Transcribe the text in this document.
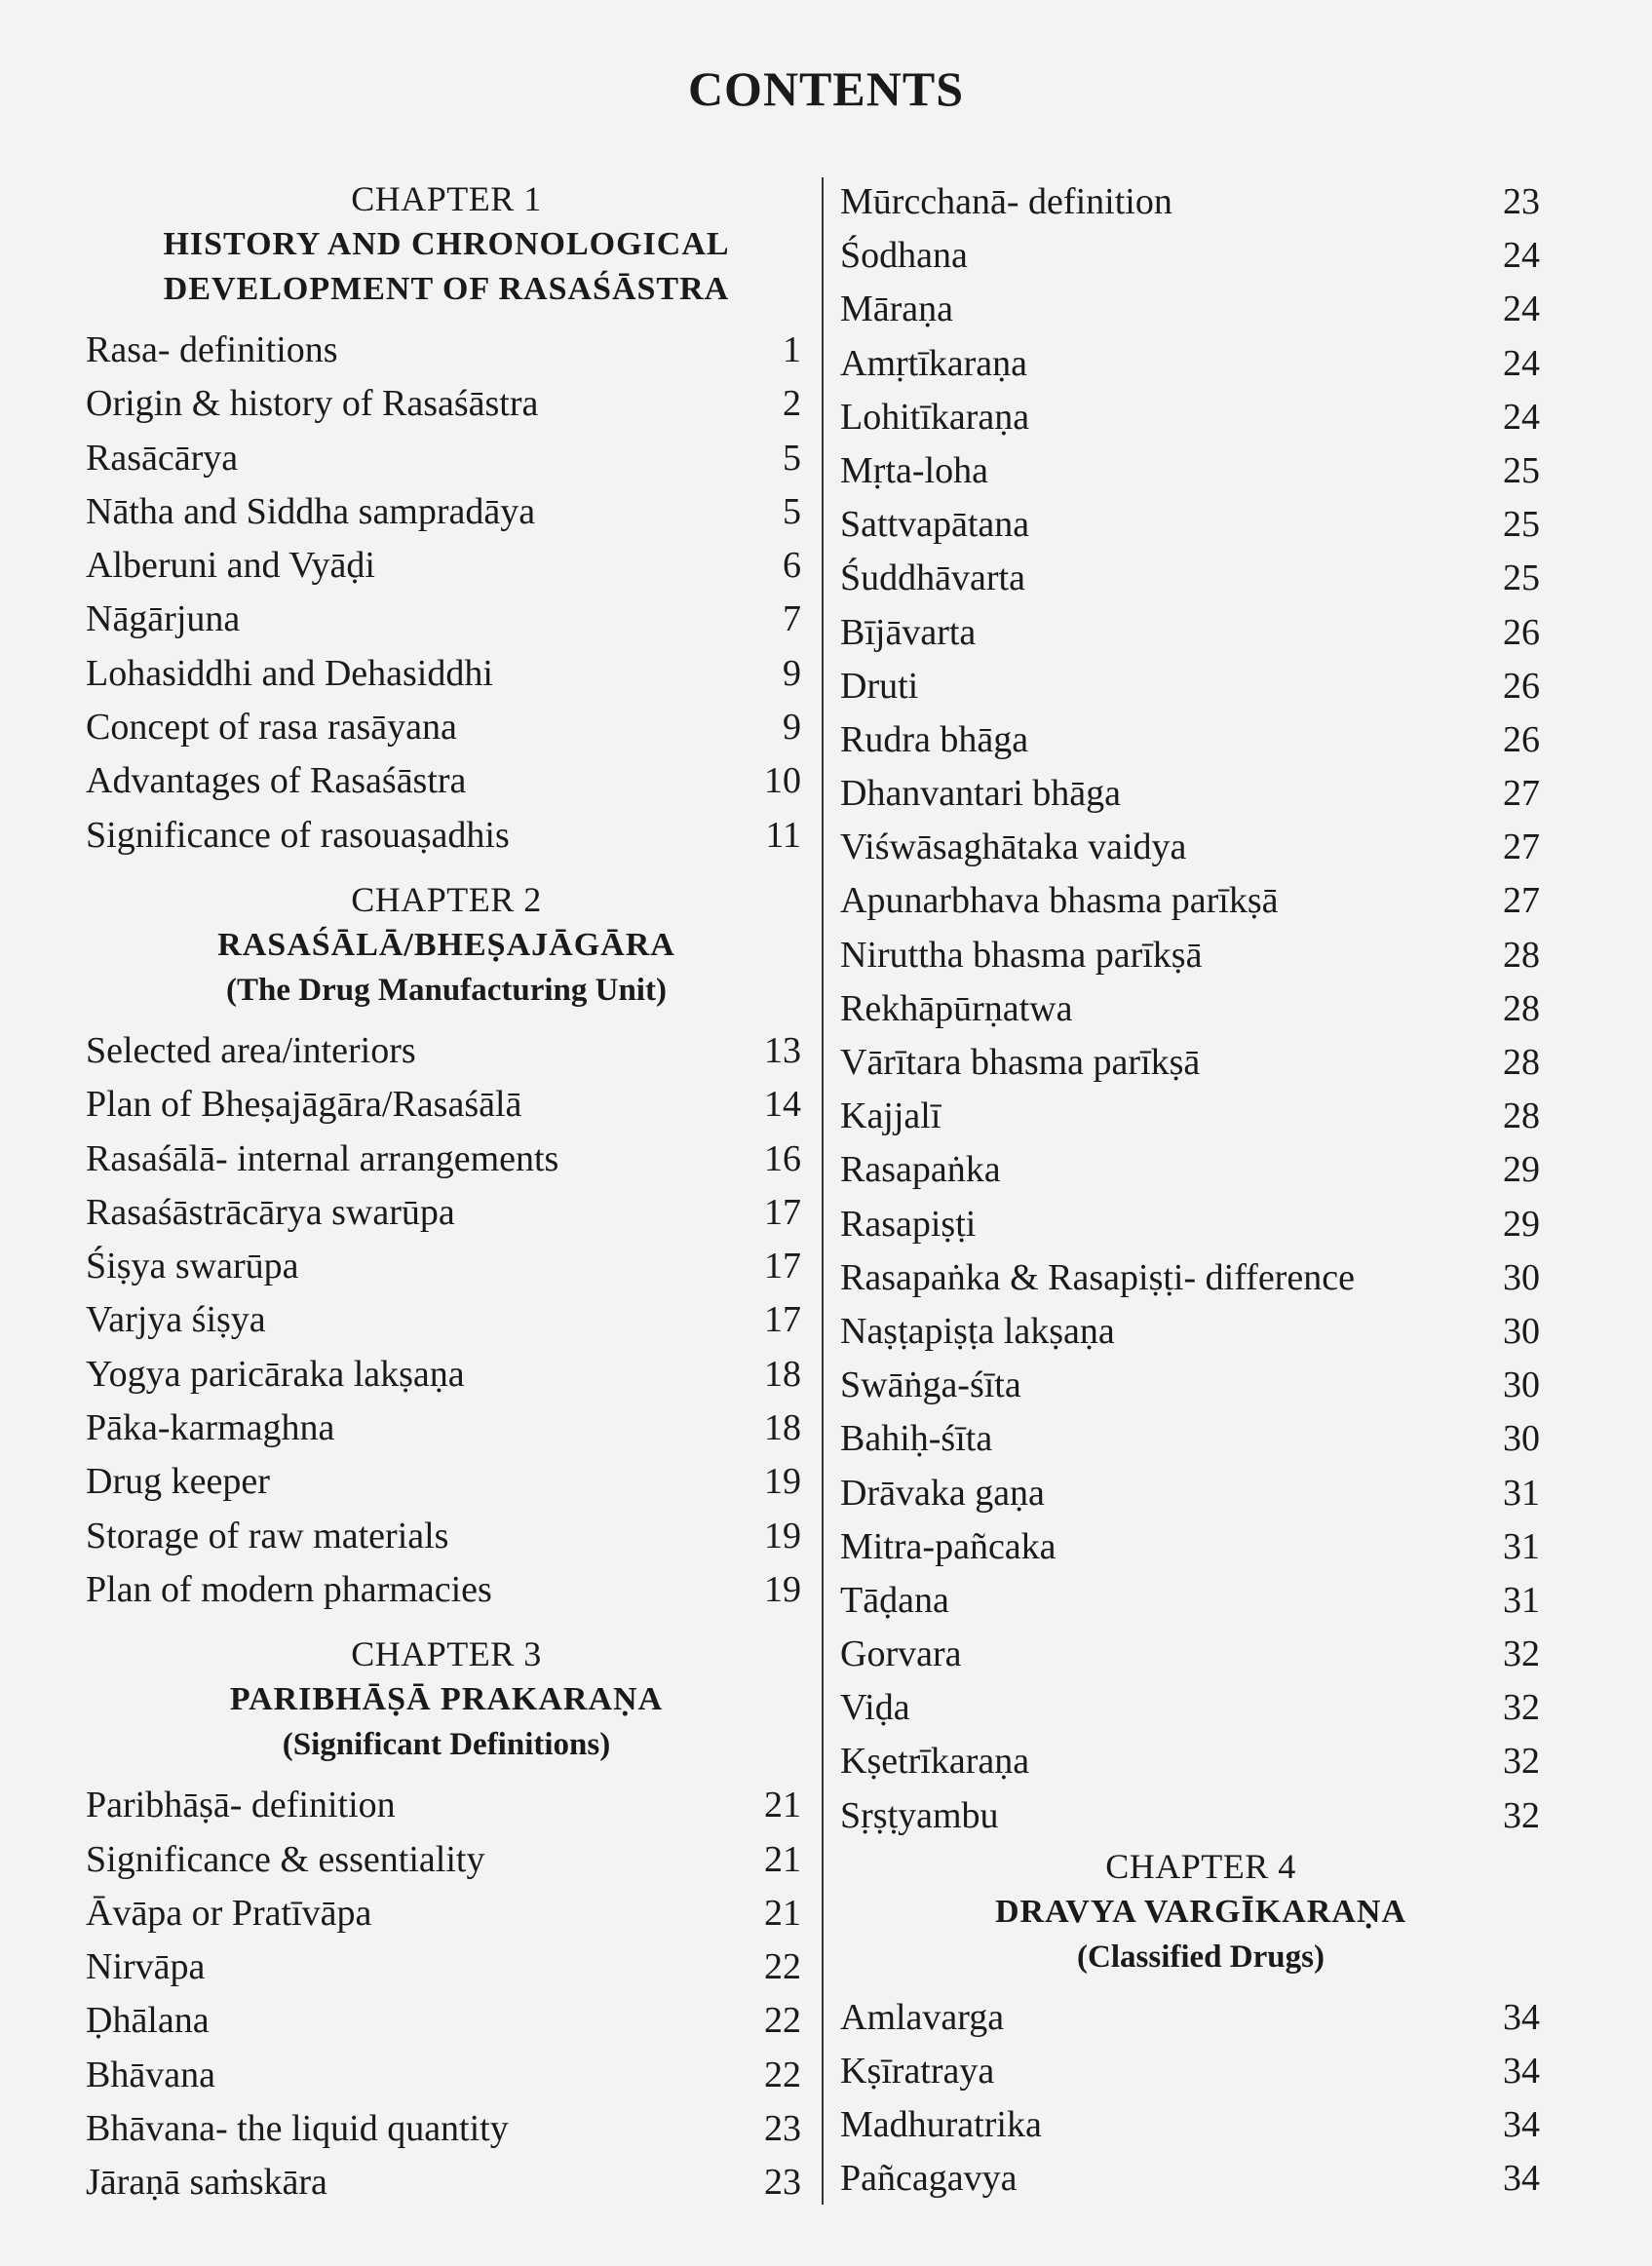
CONTENTS
CHAPTER 1
HISTORY AND CHRONOLOGICAL
DEVELOPMENT OF RASAŚĀSTRA
Rasa- definitions	1
Origin & history of Rasaśāstra	2
Rasācārya	5
Nātha and Siddha sampradāya	5
Alberuni and Vyāḍi	6
Nāgārjuna	7
Lohasiddhi and Dehasiddhi	9
Concept of rasa rasāyana	9
Advantages of Rasaśāstra	10
Significance of rasouaṣadhis	11
CHAPTER 2
RASAŚĀLĀ/BHEṢAJĀGĀRA
(The Drug Manufacturing Unit)
Selected area/interiors	13
Plan of Bheṣajāgāra/Rasaśālā	14
Rasaśālā- internal arrangements	16
Rasaśāstrācārya swarūpa	17
Śiṣya swarūpa	17
Varjya śiṣya	17
Yogya paricāraka lakṣaṇa	18
Pāka-karmaghna	18
Drug keeper	19
Storage of raw materials	19
Plan of modern pharmacies	19
CHAPTER 3
PARIBHĀṢĀ PRAKARAṆA
(Significant Definitions)
Paribhāṣā- definition	21
Significance & essentiality	21
Āvāpa or Pratīvāpa	21
Nirvāpa	22
Ḍhālana	22
Bhāvana	22
Bhāvana- the liquid quantity	23
Jāraṇā saṁskāra	23
Mūrcchanā- definition	23
Śodhana	24
Māraṇa	24
Amṛtīkaraṇa	24
Lohitīkaraṇa	24
Mṛta-loha	25
Sattvapātana	25
Śuddhāvarta	25
Bījāvarta	26
Druti	26
Rudra bhāga	26
Dhanvantari bhāga	27
Viśwāsaghātaka vaidya	27
Apunarbhava bhasma parīkṣā	27
Niruttha bhasma parīkṣā	28
Rekhāpūrṇatwa	28
Vārītara bhasma parīkṣā	28
Kajjalī	28
Rasapaṅka	29
Rasapiṣṭi	29
Rasapaṅka & Rasapiṣṭi- difference	30
Naṣṭapiṣṭa lakṣaṇa	30
Swāṅga-śīta	30
Bahiḥ-śīta	30
Drāvaka gaṇa	31
Mitra-pañcaka	31
Tāḍana	31
Gorvara	32
Viḍa	32
Kṣetrīkaraṇa	32
Sṛṣṭyambu	32
CHAPTER 4
DRAVYA VARGĪKARAṆA
(Classified Drugs)
Amlavarga	34
Kṣīratraya	34
Madhuratrika	34
Pañcagavya	34
